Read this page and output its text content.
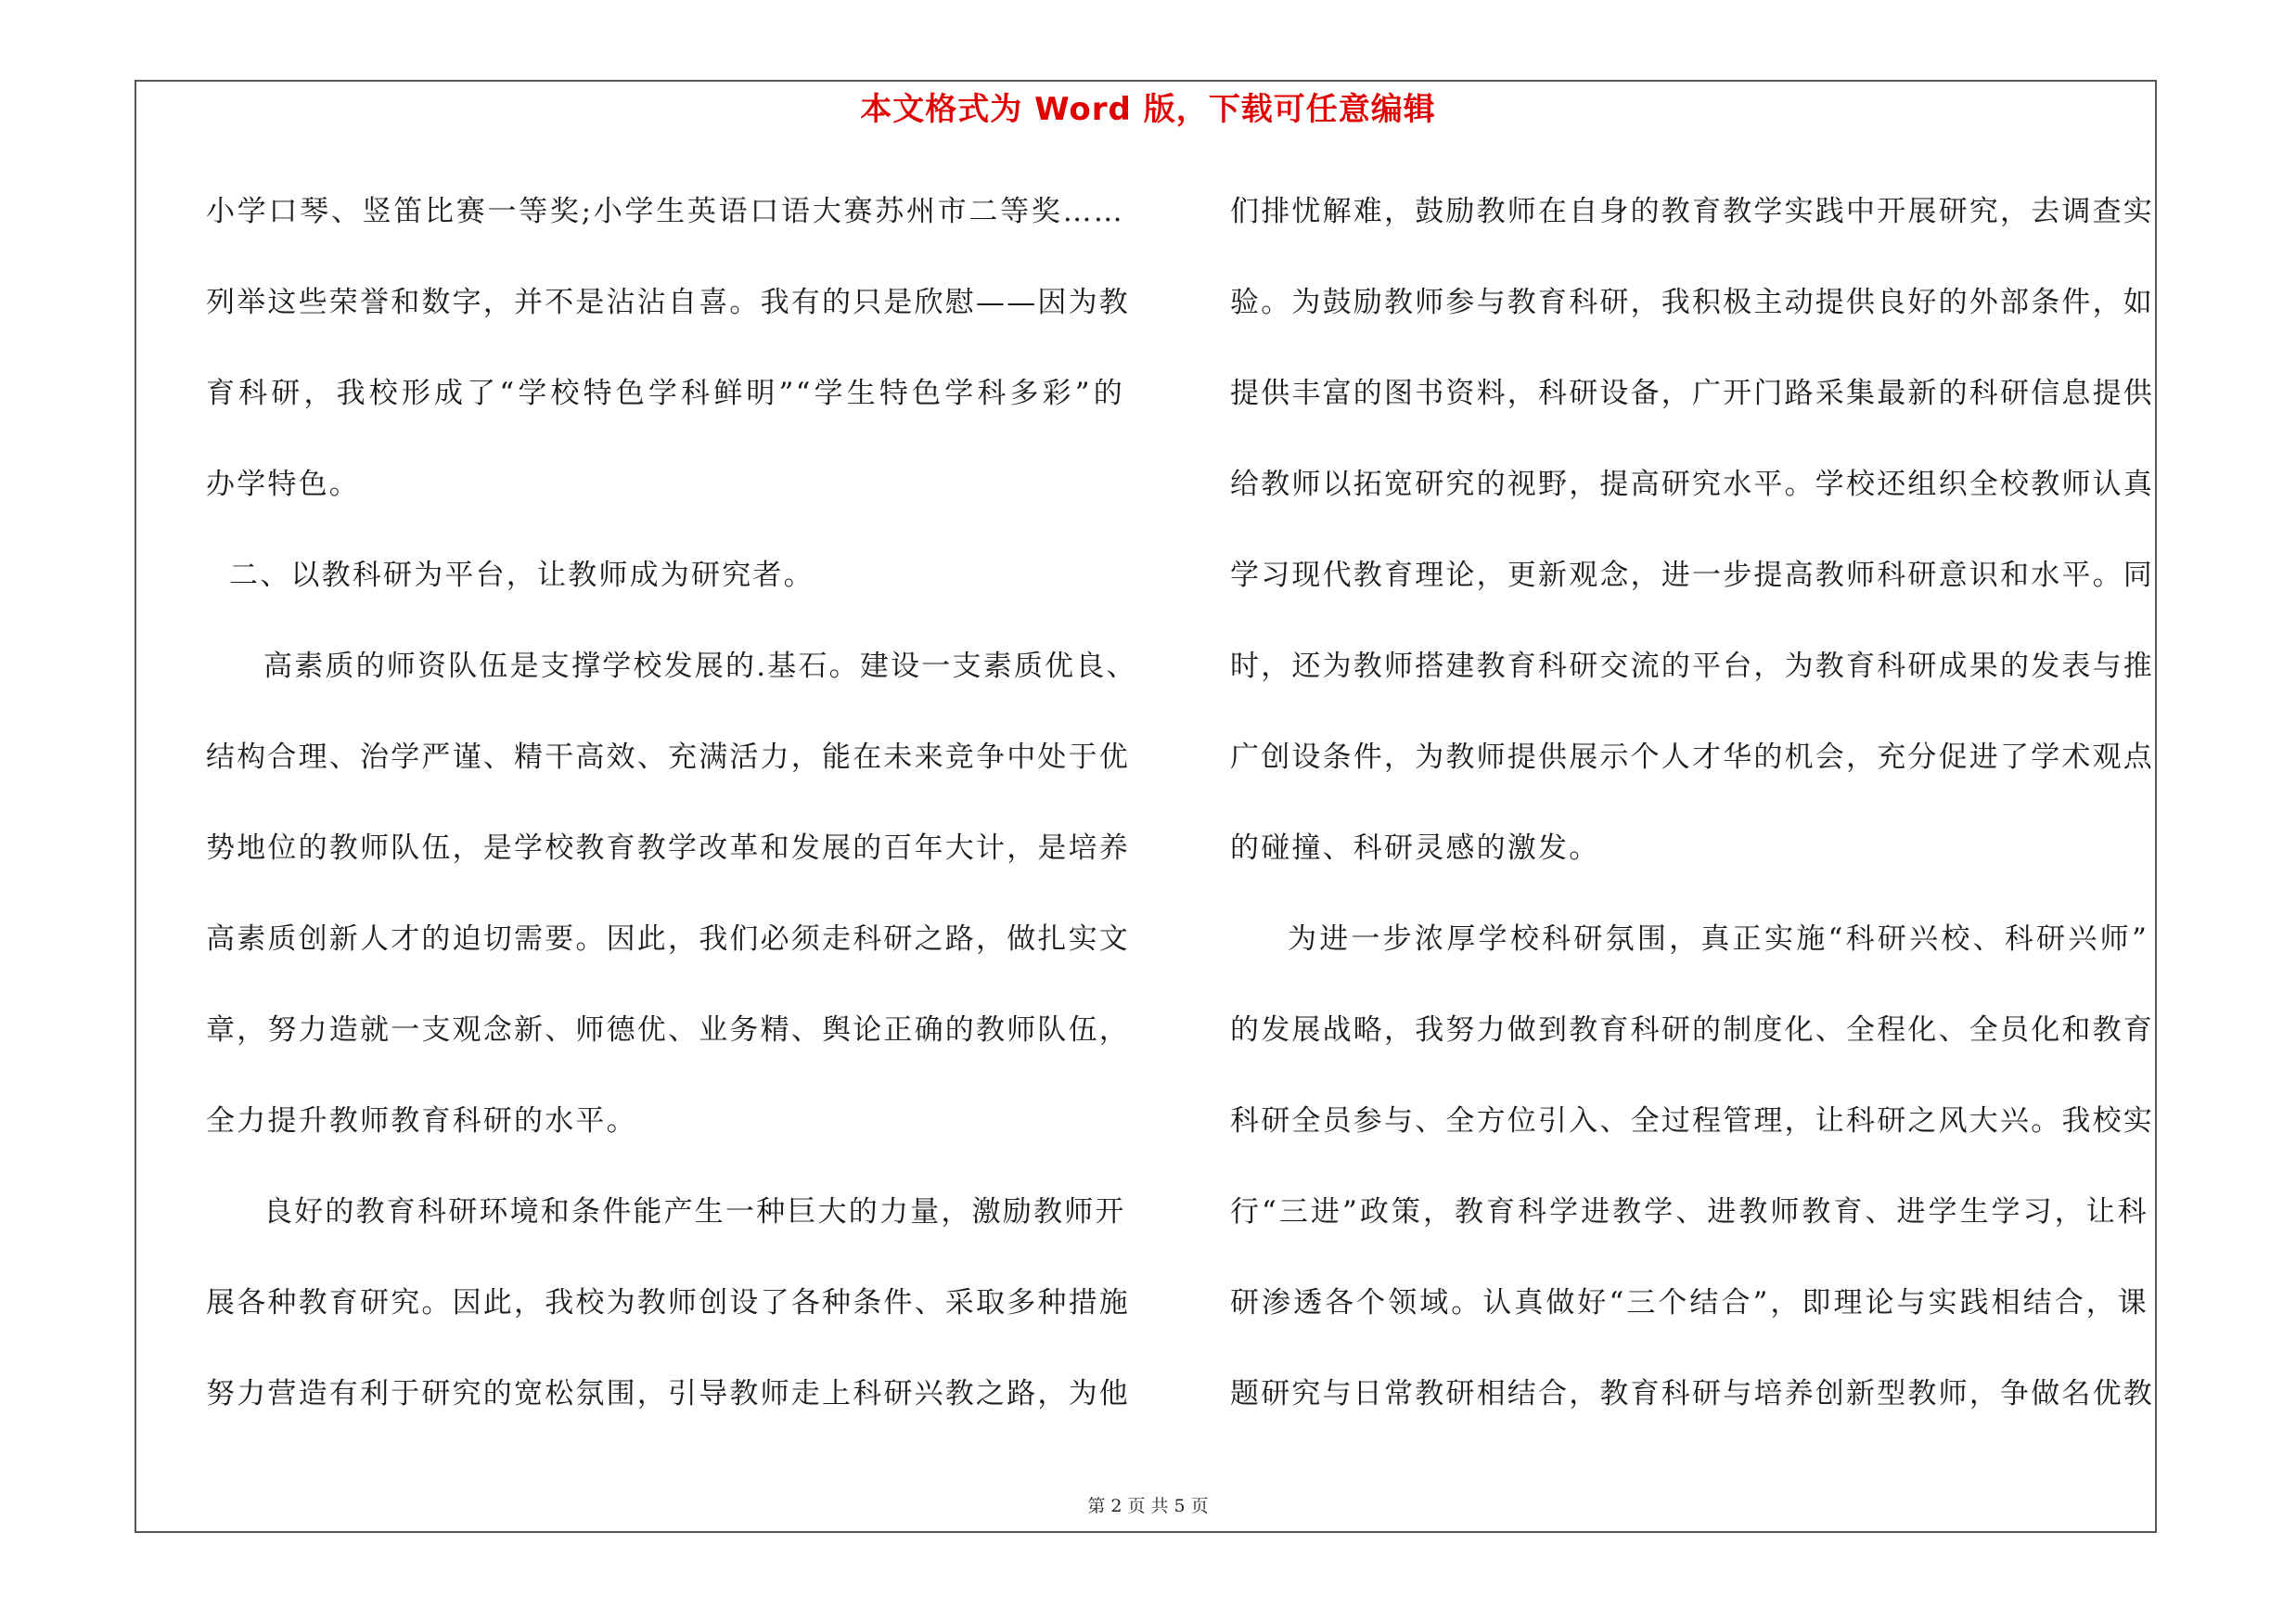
本文格式为 Word 版，下载可任意编辑
小学口琴、竖笛比赛一等奖;小学生英语口语大赛苏州市二等奖……
列举这些荣誉和数字，并不是沾沾自喜。我有的只是欣慰——因为教
育科研，我校形成了“学校特色学科鲜明”“学生特色学科多彩”的
办学特色。
二、以教科研为平台，让教师成为研究者。
高素质的师资队伍是支撑学校发展的.基石。建设一支素质优良、
结构合理、治学严谨、精干高效、充满活力，能在未来竞争中处于优
势地位的教师队伍，是学校教育教学改革和发展的百年大计，是培养
高素质创新人才的迫切需要。因此，我们必须走科研之路，做扎实文
章，努力造就一支观念新、师德优、业务精、舆论正确的教师队伍，
全力提升教师教育科研的水平。
良好的教育科研环境和条件能产生一种巨大的力量，激励教师开
展各种教育研究。因此，我校为教师创设了各种条件、采取多种措施
努力营造有利于研究的宽松氛围，引导教师走上科研兴教之路，为他
们排忧解难，鼓励教师在自身的教育教学实践中开展研究，去调查实
验。为鼓励教师参与教育科研，我积极主动提供良好的外部条件，如
提供丰富的图书资料，科研设备，广开门路采集最新的科研信息提供
给教师以拓宽研究的视野，提高研究水平。学校还组织全校教师认真
学习现代教育理论，更新观念，进一步提高教师科研意识和水平。同
时，还为教师搭建教育科研交流的平台，为教育科研成果的发表与推
广创设条件，为教师提供展示个人才华的机会，充分促进了学术观点
的碰撞、科研灵感的激发。
为进一步浓厚学校科研氛围，真正实施“科研兴校、科研兴师”
的发展战略，我努力做到教育科研的制度化、全程化、全员化和教育
科研全员参与、全方位引入、全过程管理，让科研之风大兴。我校实
行“三进”政策，教育科学进教学、进教师教育、进学生学习，让科
研渗透各个领域。认真做好“三个结合”，即理论与实践相结合，课
题研究与日常教研相结合，教育科研与培养创新型教师，争做名优教
第 2 页 共 5 页
